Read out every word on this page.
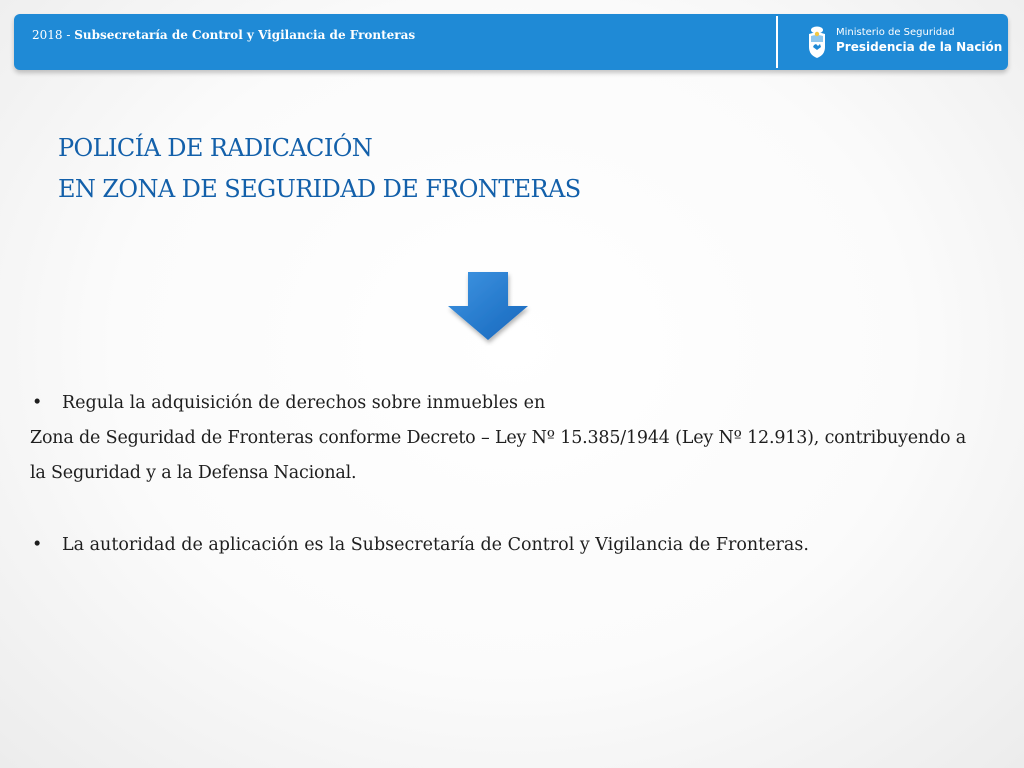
2018 - Subsecretaría de Control y Vigilancia de Fronteras	Ministerio de Seguridad
Presidencia de la Nación
POLICÍA DE RADICACIÓN
EN ZONA DE SEGURIDAD DE FRONTERAS
• Regula la adquisición de derechos sobre inmuebles en
Zona de Seguridad de Fronteras conforme Decreto – Ley Nº 15.385/1944 (Ley Nº 12.913), contribuyendo a la Seguridad y a la Defensa Nacional.
• La autoridad de aplicación es la Subsecretaría de Control y Vigilancia de Fronteras.
